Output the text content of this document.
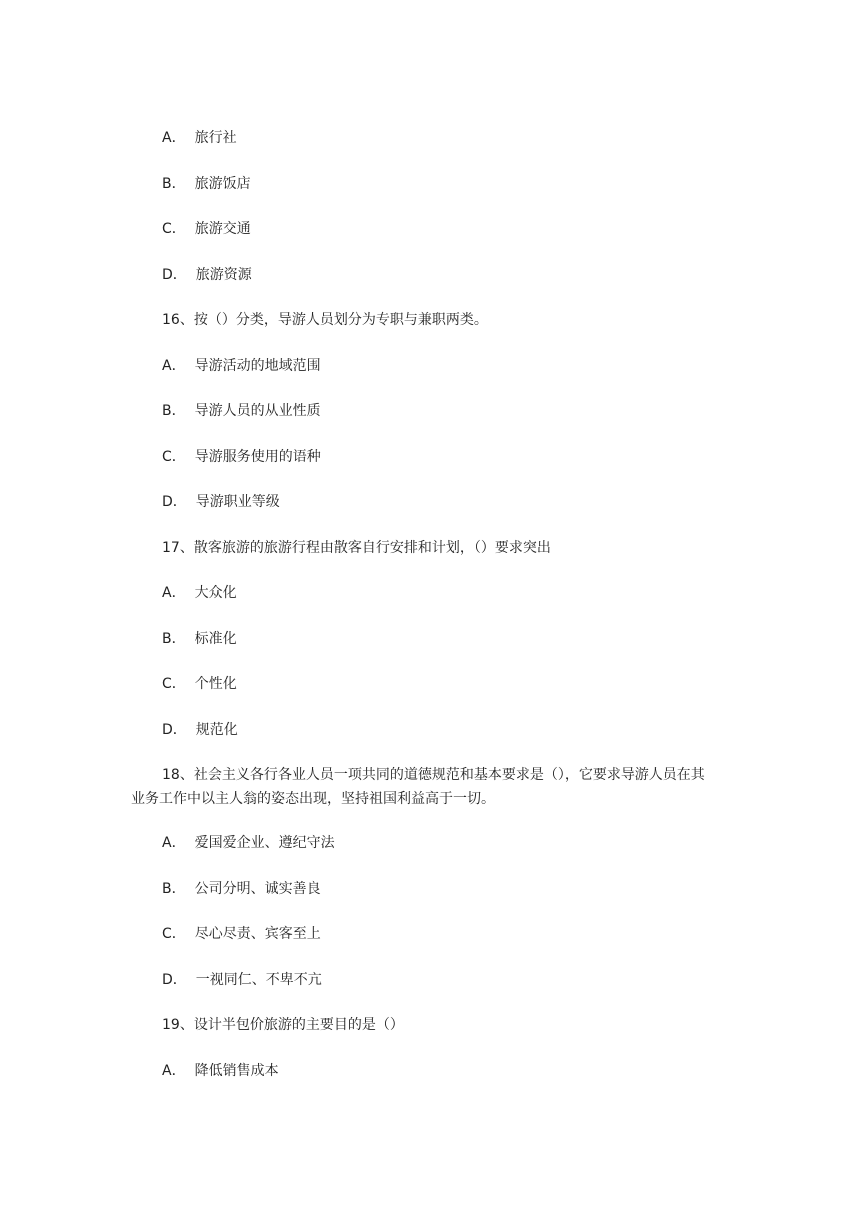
A． 旅行社
B． 旅游饭店
C． 旅游交通
D． 旅游资源
16、按（）分类，导游人员划分为专职与兼职两类。
A． 导游活动的地域范围
B． 导游人员的从业性质
C． 导游服务使用的语种
D． 导游职业等级
17、散客旅游的旅游行程由散客自行安排和计划，（）要求突出
A． 大众化
B． 标准化
C． 个性化
D． 规范化
18、社会主义各行各业人员一项共同的道德规范和基本要求是（），它要求导游人员在其业务工作中以主人翁的姿态出现，坚持祖国利益高于一切。
A． 爱国爱企业、遵纪守法
B． 公司分明、诚实善良
C． 尽心尽责、宾客至上
D． 一视同仁、不卑不亢
19、设计半包价旅游的主要目的是（）
A． 降低销售成本
